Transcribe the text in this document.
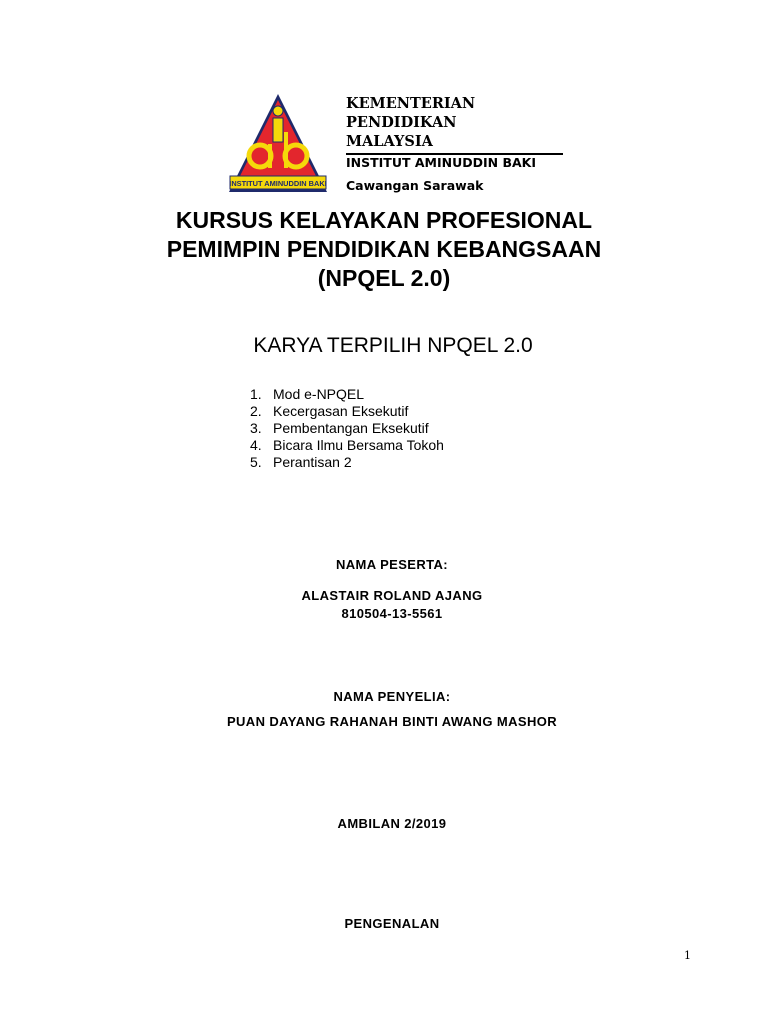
INSTITUT AMINUDDIN BAKI

KEMENTERIAN

PENDIDIKAN

MALAYSIA

INSTITUT AMINUDDIN BAKI
Cawangan Sarawak
KURSUS KELAYAKAN PROFESIONAL
PEMIMPIN PENDIDIKAN KEBANGSAAN
(NPQEL 2.0)
KARYA TERPILIH NPQEL 2.0
1. Mod e-NPQEL
2. Kecergasan Eksekutif
3. Pembentangan Eksekutif
4. Bicara Ilmu Bersama Tokoh
5. Perantisan 2

NAMA PESERTA:

ALASTAIR ROLAND AJANG

810504-13-5561

NAMA PENYELIA:

PUAN DAYANG RAHANAH BINTI AWANG MASHOR

AMBILAN 2/2019

PENGENALAN

1
